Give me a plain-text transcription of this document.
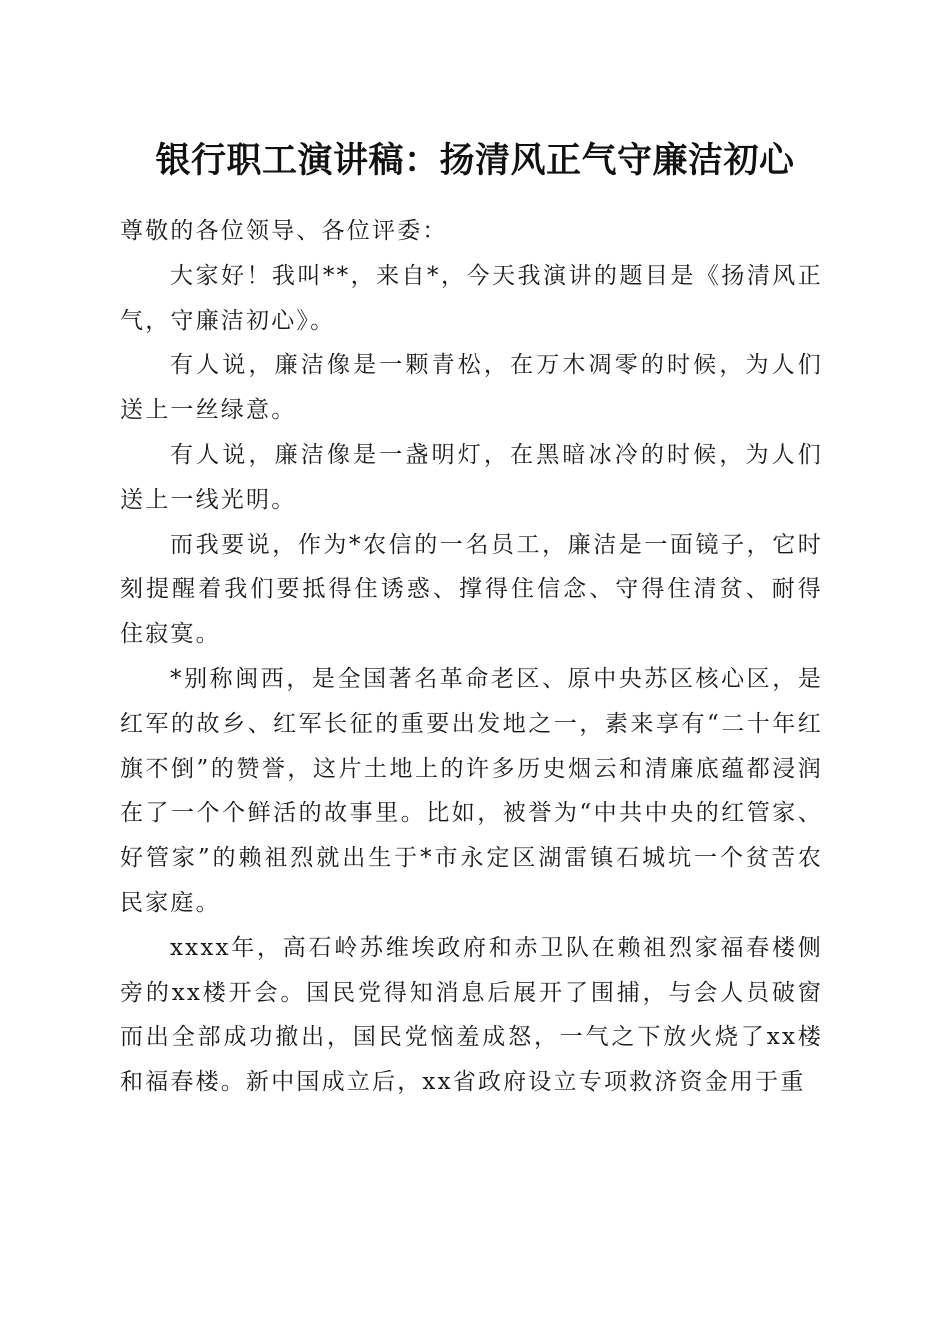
银行职工演讲稿：扬清风正气守廉洁初心

尊敬的各位领导、各位评委：

大家好！我叫**，来自*，今天我演讲的题目是《扬清风正气，守廉洁初心》。

有人说，廉洁像是一颗青松，在万木凋零的时候，为人们送上一丝绿意。

有人说，廉洁像是一盏明灯，在黑暗冰冷的时候，为人们送上一线光明。

而我要说，作为*农信的一名员工，廉洁是一面镜子，它时刻提醒着我们要抵得住诱惑、撑得住信念、守得住清贫、耐得住寂寞。

*别称闽西，是全国著名革命老区、原中央苏区核心区，是红军的故乡、红军长征的重要出发地之一，素来享有“二十年红旗不倒”的赞誉，这片土地上的许多历史烟云和清廉底蕴都浸润在了一个个鲜活的故事里。比如，被誉为“中共中央的红管家、好管家”的赖祖烈就出生于*市永定区湖雷镇石城坑一个贫苦农民家庭。

xxxx年，高石岭苏维埃政府和赤卫队在赖祖烈家福春楼侧旁的xx楼开会。国民党得知消息后展开了围捕，与会人员破窗而出全部成功撤出，国民党恼羞成怒，一气之下放火烧了xx楼和福春楼。新中国成立后，xx省政府设立专项救济资金用于重
